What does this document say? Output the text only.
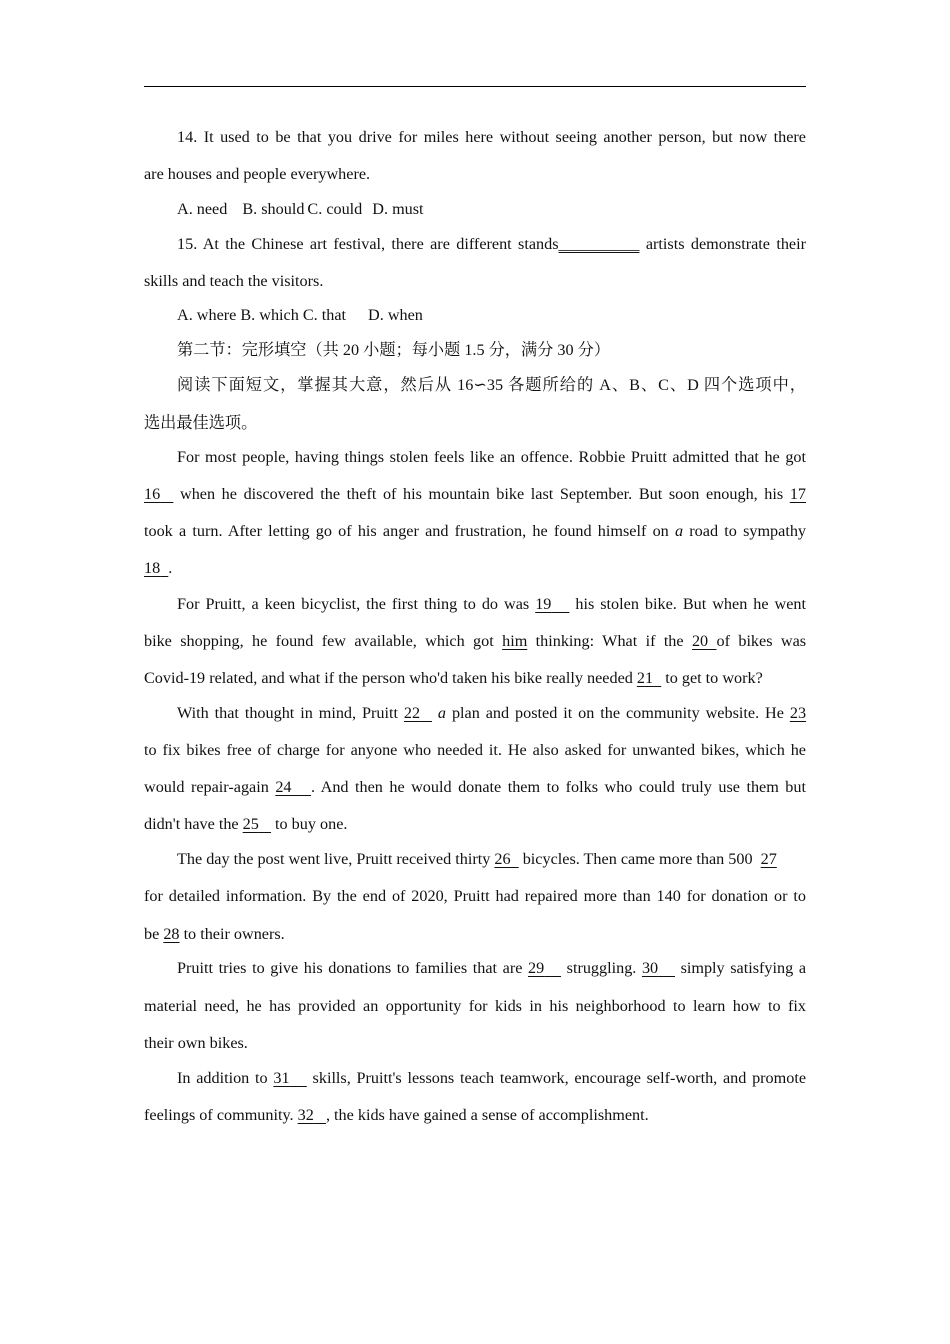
14. It used to be that you drive for miles here without seeing another person, but now there
are houses and people everywhere.
A. need B. should C. could D. must
15. At the Chinese art festival, there are different stands__________ artists demonstrate their
skills and teach the visitors.
A. where B. which C. that D. when
第二节：完形填空（共 20 小题；每小题 1.5 分，满分 30 分）
阅读下面短文，掌握其大意，然后从 16∽35 各题所给的 A、B、C、D 四个选项中，
选出最佳选项。
For most people, having things stolen feels like an offence. Robbie Pruitt admitted that he got
16 when he discovered the theft of his mountain bike last September. But soon enough, his 17
took a turn. After letting go of his anger and frustration, he found himself on a road to sympathy
18 .
For Pruitt, a keen bicyclist, the first thing to do was 19 his stolen bike. But when he went
bike shopping, he found few available, which got him thinking: What if the 20 of bikes was
Covid-19 related, and what if the person who'd taken his bike really needed 21 to get to work?
With that thought in mind, Pruitt 22 a plan and posted it on the community website. He 23
to fix bikes free of charge for anyone who needed it. He also asked for unwanted bikes, which he
would repair-again 24 . And then he would donate them to folks who could truly use them but
didn't have the 25 to buy one.
The day the post went live, Pruitt received thirty 26 bicycles. Then came more than 500 27
for detailed information. By the end of 2020, Pruitt had repaired more than 140 for donation or to
be 28 to their owners.
Pruitt tries to give his donations to families that are 29 struggling. 30 simply satisfying a
material need, he has provided an opportunity for kids in his neighborhood to learn how to fix
their own bikes.
In addition to 31 skills, Pruitt's lessons teach teamwork, encourage self-worth, and promote
feelings of community. 32 , the kids have gained a sense of accomplishment.
